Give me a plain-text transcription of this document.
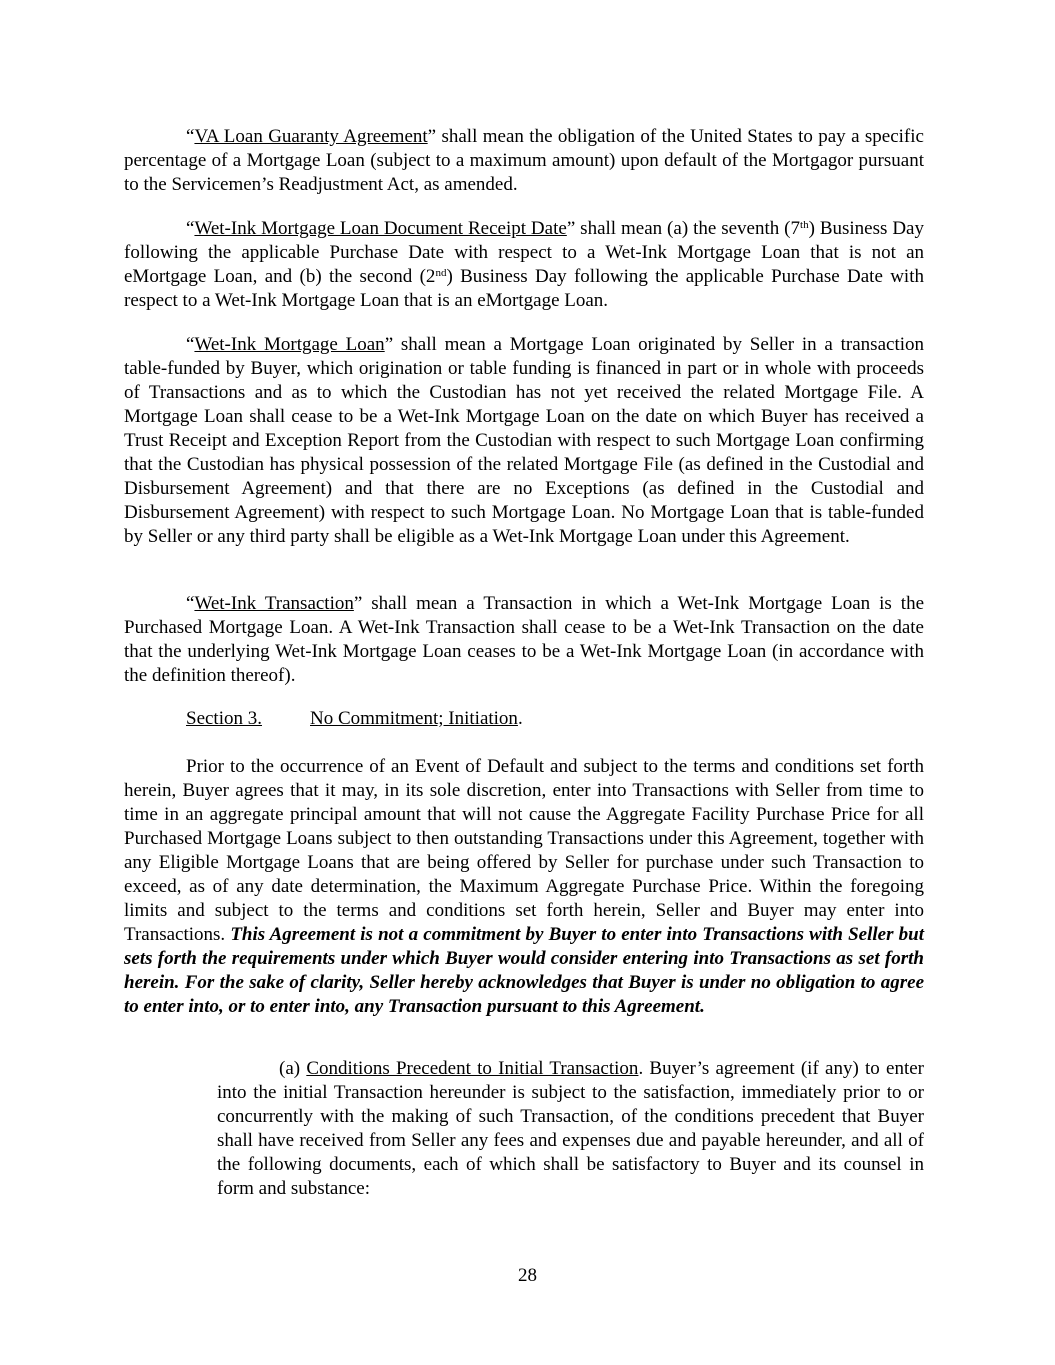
“VA Loan Guaranty Agreement” shall mean the obligation of the United States to pay a specific percentage of a Mortgage Loan (subject to a maximum amount) upon default of the Mortgagor pursuant to the Servicemen’s Readjustment Act, as amended.

“Wet-Ink Mortgage Loan Document Receipt Date” shall mean (a) the seventh (7th) Business Day following the applicable Purchase Date with respect to a Wet-Ink Mortgage Loan that is not an eMortgage Loan, and (b) the second (2nd) Business Day following the applicable Purchase Date with respect to a Wet-Ink Mortgage Loan that is an eMortgage Loan.

“Wet-Ink Mortgage Loan” shall mean a Mortgage Loan originated by Seller in a transaction table-funded by Buyer, which origination or table funding is financed in part or in whole with proceeds of Transactions and as to which the Custodian has not yet received the related Mortgage File. A Mortgage Loan shall cease to be a Wet-Ink Mortgage Loan on the date on which Buyer has received a Trust Receipt and Exception Report from the Custodian with respect to such Mortgage Loan confirming that the Custodian has physical possession of the related Mortgage File (as defined in the Custodial and Disbursement Agreement) and that there are no Exceptions (as defined in the Custodial and Disbursement Agreement) with respect to such Mortgage Loan. No Mortgage Loan that is table-funded by Seller or any third party shall be eligible as a Wet-Ink Mortgage Loan under this Agreement.

“Wet-Ink Transaction” shall mean a Transaction in which a Wet-Ink Mortgage Loan is the Purchased Mortgage Loan. A Wet-Ink Transaction shall cease to be a Wet-Ink Transaction on the date that the underlying Wet-Ink Mortgage Loan ceases to be a Wet-Ink Mortgage Loan (in accordance with the definition thereof).

Section 3.	No Commitment; Initiation.

Prior to the occurrence of an Event of Default and subject to the terms and conditions set forth herein, Buyer agrees that it may, in its sole discretion, enter into Transactions with Seller from time to time in an aggregate principal amount that will not cause the Aggregate Facility Purchase Price for all Purchased Mortgage Loans subject to then outstanding Transactions under this Agreement, together with any Eligible Mortgage Loans that are being offered by Seller for purchase under such Transaction to exceed, as of any date determination, the Maximum Aggregate Purchase Price. Within the foregoing limits and subject to the terms and conditions set forth herein, Seller and Buyer may enter into Transactions. This Agreement is not a commitment by Buyer to enter into Transactions with Seller but sets forth the requirements under which Buyer would consider entering into Transactions as set forth herein. For the sake of clarity, Seller hereby acknowledges that Buyer is under no obligation to agree to enter into, or to enter into, any Transaction pursuant to this Agreement.

(a) Conditions Precedent to Initial Transaction. Buyer’s agreement (if any) to enter into the initial Transaction hereunder is subject to the satisfaction, immediately prior to or concurrently with the making of such Transaction, of the conditions precedent that Buyer shall have received from Seller any fees and expenses due and payable hereunder, and all of the following documents, each of which shall be satisfactory to Buyer and its counsel in form and substance:

28
